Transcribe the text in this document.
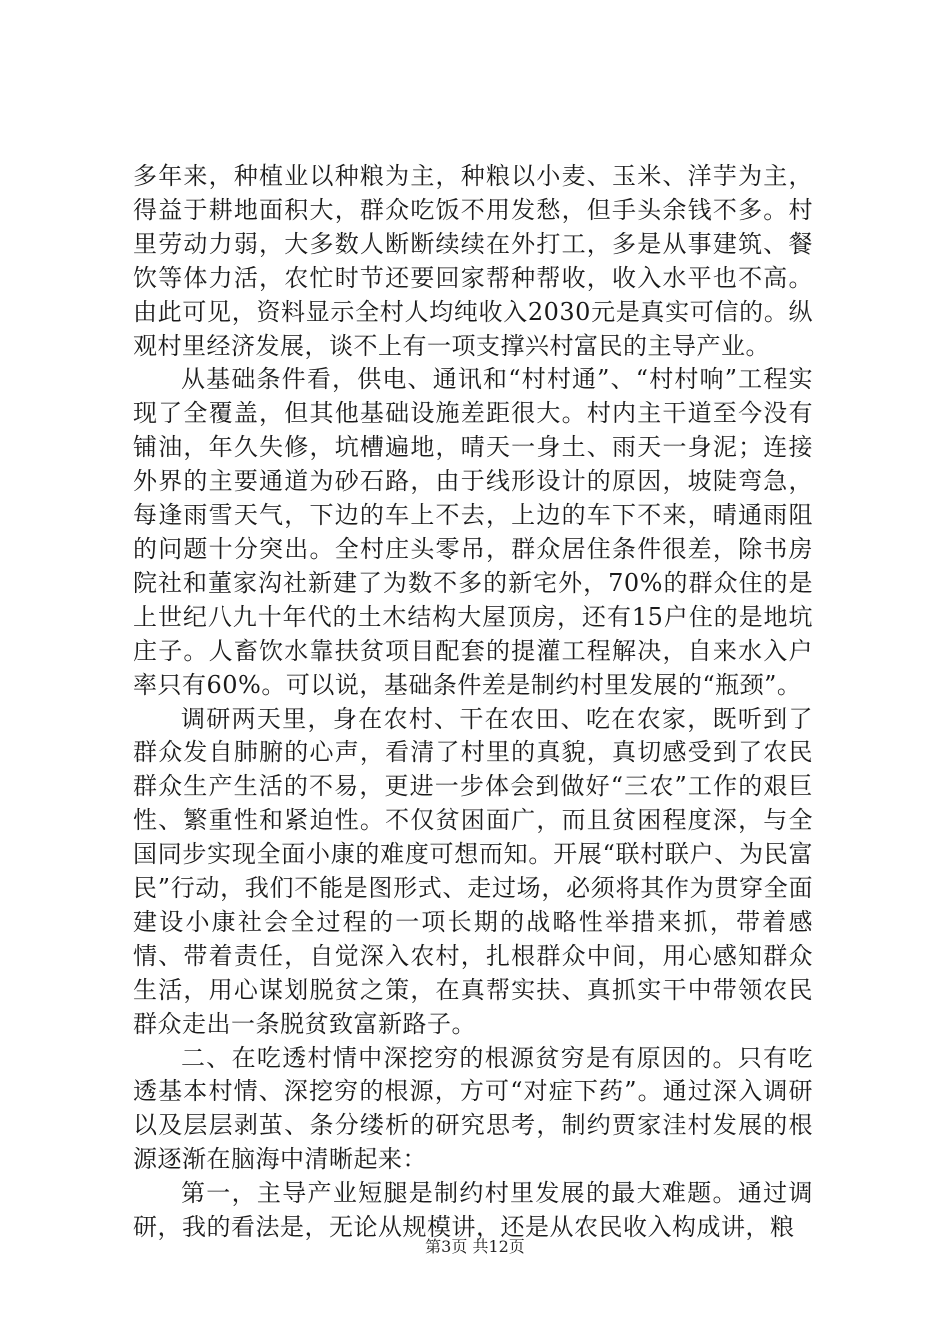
多年来，种植业以种粮为主，种粮以小麦、玉米、洋芋为主，得益于耕地面积大，群众吃饭不用发愁，但手头余钱不多。村里劳动力弱，大多数人断断续续在外打工，多是从事建筑、餐饮等体力活，农忙时节还要回家帮种帮收，收入水平也不高。由此可见，资料显示全村人均纯收入2030元是真实可信的。纵观村里经济发展，谈不上有一项支撑兴村富民的主导产业。

从基础条件看，供电、通讯和“村村通”、“村村响”工程实现了全覆盖，但其他基础设施差距很大。村内主干道至今没有铺油，年久失修，坑槽遍地，晴天一身土、雨天一身泥；连接外界的主要通道为砂石路，由于线形设计的原因，坡陡弯急，每逢雨雪天气，下边的车上不去，上边的车下不来，晴通雨阻的问题十分突出。全村庄头零吊，群众居住条件很差，除书房院社和董家沟社新建了为数不多的新宅外，70%的群众住的是上世纪八九十年代的土木结构大屋顶房，还有15户住的是地坑庄子。人畜饮水靠扶贫项目配套的提灌工程解决，自来水入户率只有60%。可以说，基础条件差是制约村里发展的“瓶颈”。

调研两天里，身在农村、干在农田、吃在农家，既听到了群众发自肺腑的心声，看清了村里的真貌，真切感受到了农民群众生产生活的不易，更进一步体会到做好“三农”工作的艰巨性、繁重性和紧迫性。不仅贫困面广，而且贫困程度深，与全国同步实现全面小康的难度可想而知。开展“联村联户、为民富民”行动，我们不能是图形式、走过场，必须将其作为贯穿全面建设小康社会全过程的一项长期的战略性举措来抓，带着感情、带着责任，自觉深入农村，扎根群众中间，用心感知群众生活，用心谋划脱贫之策，在真帮实扶、真抓实干中带领农民群众走出一条脱贫致富新路子。

二、在吃透村情中深挖穷的根源贫穷是有原因的。只有吃透基本村情、深挖穷的根源，方可“对症下药”。通过深入调研以及层层剥茧、条分缕析的研究思考，制约贾家洼村发展的根源逐渐在脑海中清晰起来：

第一，主导产业短腿是制约村里发展的最大难题。通过调研，我的看法是，无论从规模讲，还是从农民收入构成讲，粮

第3页 共12页
